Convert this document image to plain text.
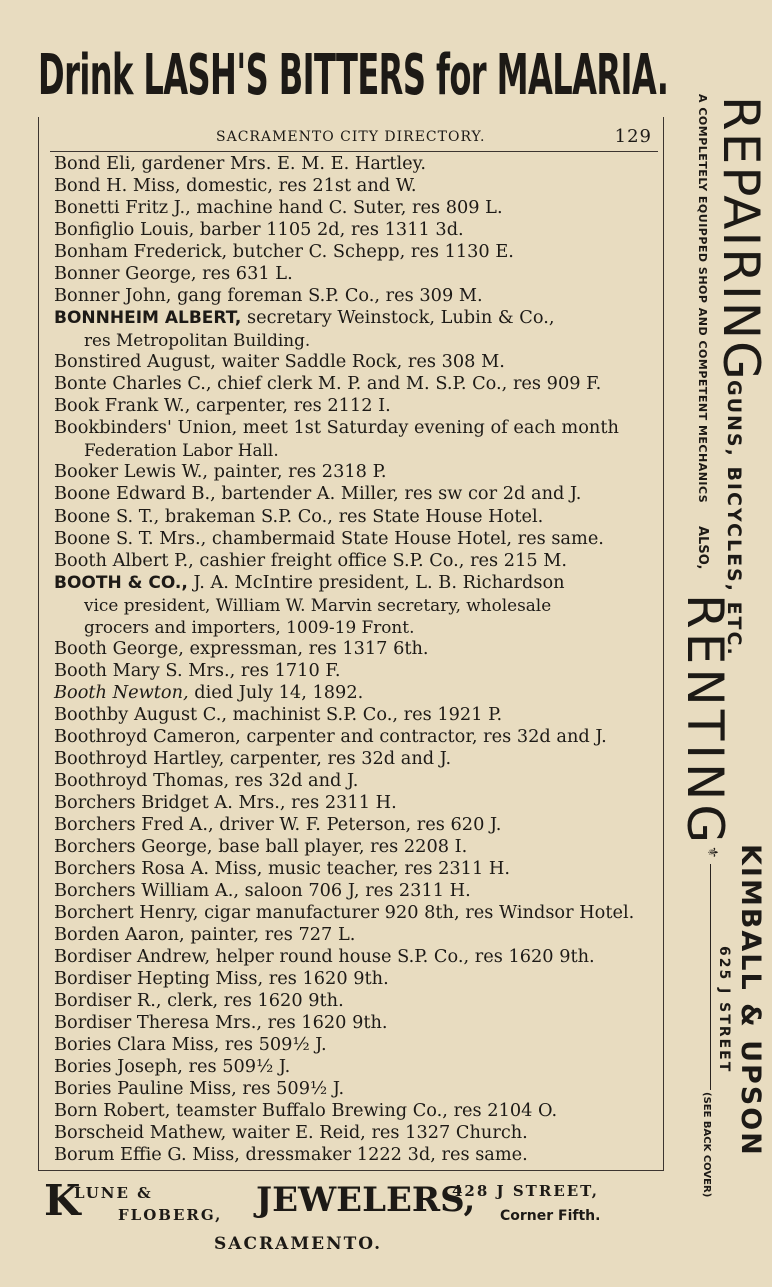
Drink LASH'S BITTERS for MALARIA.
SACRAMENTO CITY DIRECTORY.	129
Bond Eli, gardener Mrs. E. M. E. Hartley.
Bond H. Miss, domestic, res 21st and W.
Bonetti Fritz J., machine hand C. Suter, res 809 L.
Bonfiglio Louis, barber 1105 2d, res 1311 3d.
Bonham Frederick, butcher C. Schepp, res 1130 E.
Bonner George, res 631 L.
Bonner John, gang foreman S.P. Co., res 309 M.
BONNHEIM ALBERT, secretary Weinstock, Lubin & Co.,
res Metropolitan Building.
Bonstired August, waiter Saddle Rock, res 308 M.
Bonte Charles C., chief clerk M. P. and M. S.P. Co., res 909 F.
Book Frank W., carpenter, res 2112 I.
Bookbinders' Union, meet 1st Saturday evening of each month
Federation Labor Hall.
Booker Lewis W., painter, res 2318 P.
Boone Edward B., bartender A. Miller, res sw cor 2d and J.
Boone S. T., brakeman S.P. Co., res State House Hotel.
Boone S. T. Mrs., chambermaid State House Hotel, res same.
Booth Albert P., cashier freight office S.P. Co., res 215 M.
BOOTH & CO., J. A. McIntire president, L. B. Richardson
vice president, William W. Marvin secretary, wholesale
grocers and importers, 1009-19 Front.
Booth George, expressman, res 1317 6th.
Booth Mary S. Mrs., res 1710 F.
Booth Newton, died July 14, 1892.
Boothby August C., machinist S.P. Co., res 1921 P.
Boothroyd Cameron, carpenter and contractor, res 32d and J.
Boothroyd Hartley, carpenter, res 32d and J.
Boothroyd Thomas, res 32d and J.
Borchers Bridget A. Mrs., res 2311 H.
Borchers Fred A., driver W. F. Peterson, res 620 J.
Borchers George, base ball player, res 2208 I.
Borchers Rosa A. Miss, music teacher, res 2311 H.
Borchers William A., saloon 706 J, res 2311 H.
Borchert Henry, cigar manufacturer 920 8th, res Windsor Hotel.
Borden Aaron, painter, res 727 L.
Bordiser Andrew, helper round house S.P. Co., res 1620 9th.
Bordiser Hepting Miss, res 1620 9th.
Bordiser R., clerk, res 1620 9th.
Bordiser Theresa Mrs., res 1620 9th.
Bories Clara Miss, res 509½ J.
Bories Joseph, res 509½ J.
Bories Pauline Miss, res 509½ J.
Born Robert, teamster Buffalo Brewing Co., res 2104 O.
Borscheid Mathew, waiter E. Reid, res 1327 Church.
Borum Effie G. Miss, dressmaker 1222 3d, res same.
REPAIRING
A COMPLETELY EQUIPPED SHOP AND COMPETENT MECHANICS
GUNS, BICYCLES, ETC.
ALSO,
RENTING
⚜
(SEE BACK COVER) KIMBALL & UPSON
625 J STREET
K
LUNE &
FLOBERG, JEWELERS,
428 J STREET,
Corner Fifth.
SACRAMENTO.
